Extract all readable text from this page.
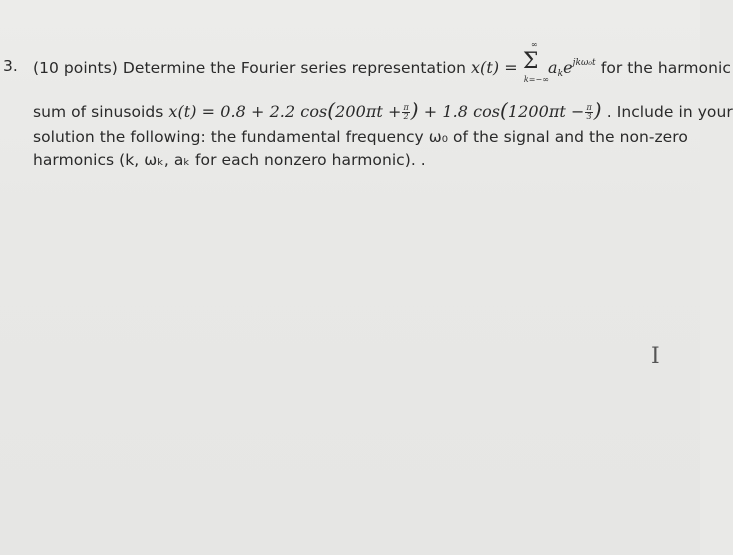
3. (10 points) Determine the Fourier series representation x(t) = Σ
∞
k=−∞
ake$^{jk\omega_0t}$ for the harmonic
sum of sinusoids x(t) = 0.8 + 2.2 $\cos(200\pi t + \frac{\pi}{2}$ ) + 1.8 $\cos(1200\pi t - \frac{\pi}{3}$ ) . Include in your
solution the following: the fundamental frequency ω₀ of the signal and the non-zero
harmonics (k, ωₖ, aₖ for each nonzero harmonic). .
I
